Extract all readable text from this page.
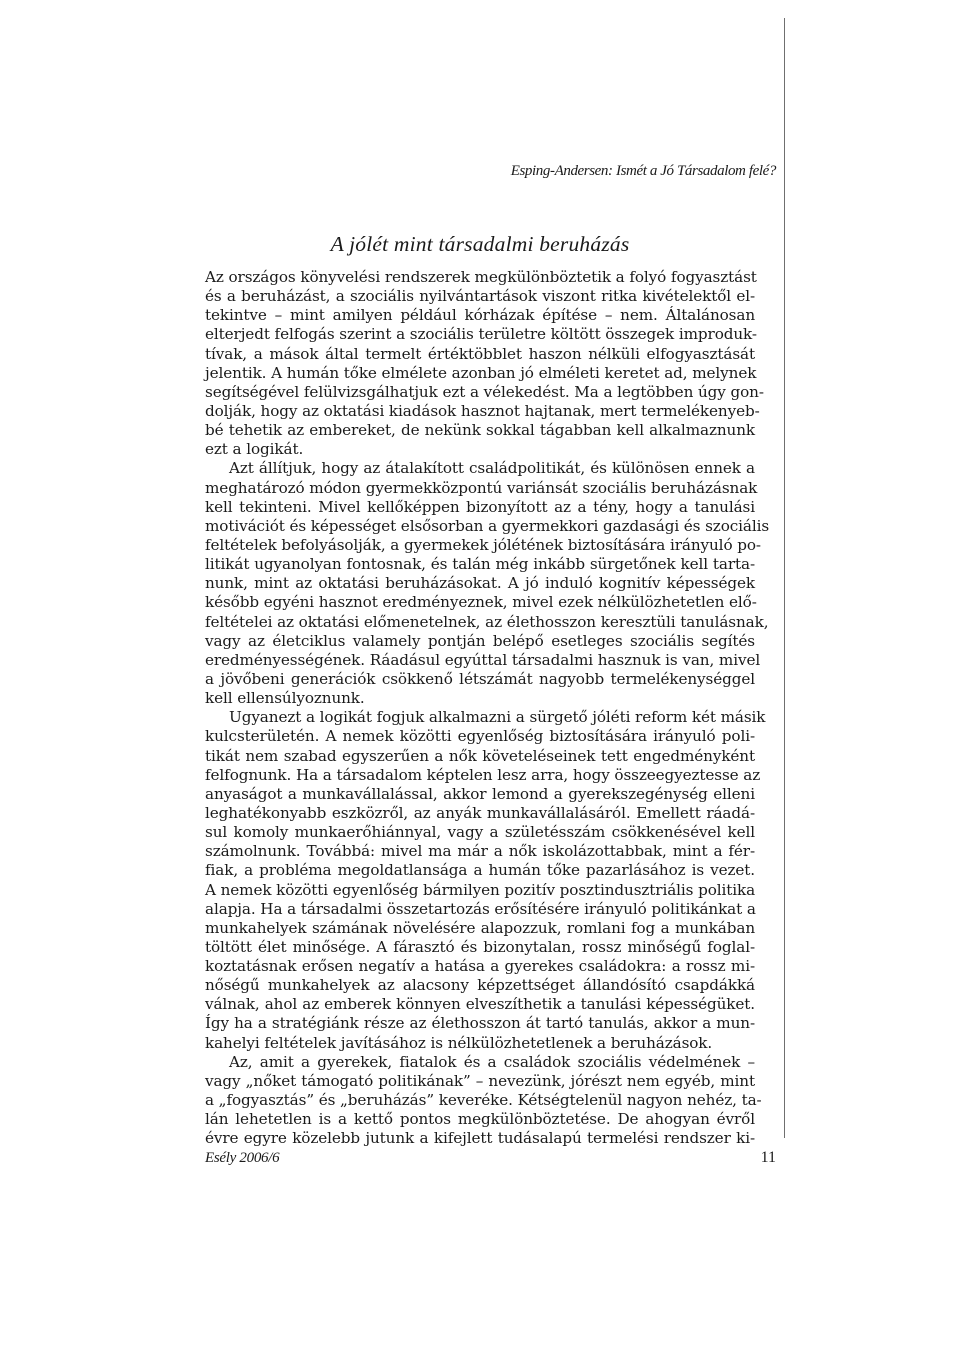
Esping-Andersen: Ismét a Jó Társadalom felé?
A jólét mint társadalmi beruházás
Az országos könyvelési rendszerek megkülönböztetik a folyó fogyasztást
és a beruházást, a szociális nyilvántartások viszont ritka kivételektől el-
tekintve – mint amilyen például kórházak építése – nem. Általánosan
elterjedt felfogás szerint a szociális területre költött összegek improduk-
tívak, a mások által termelt értéktöbblet haszon nélküli elfogyasztását
jelentik. A humán tőke elmélete azonban jó elméleti keretet ad, melynek
segítségével felülvizsgálhatjuk ezt a vélekedést. Ma a legtöbben úgy gon-
dolják, hogy az oktatási kiadások hasznot hajtanak, mert termelékenyeb-
bé tehetik az embereket, de nekünk sokkal tágabban kell alkalmaznunk
ezt a logikát.
Azt állítjuk, hogy az átalakított családpolitikát, és különösen ennek a
meghatározó módon gyermekközpontú variánsát szociális beruházásnak
kell tekinteni. Mivel kellőképpen bizonyított az a tény, hogy a tanulási
motivációt és képességet elsősorban a gyermekkori gazdasági és szociális
feltételek befolyásolják, a gyermekek jólétének biztosítására irányuló po-
litikát ugyanolyan fontosnak, és talán még inkább sürgetőnek kell tarta-
nunk, mint az oktatási beruházásokat. A jó induló kognitív képességek
később egyéni hasznot eredményeznek, mivel ezek nélkülözhetetlen elő-
feltételei az oktatási előmenetelnek, az élethosszon keresztüli tanulásnak,
vagy az életciklus valamely pontján belépő esetleges szociális segítés
eredményességének. Ráadásul egyúttal társadalmi hasznuk is van, mivel
a jövőbeni generációk csökkenő létszámát nagyobb termelékenységgel
kell ellensúlyoznunk.
Ugyanezt a logikát fogjuk alkalmazni a sürgető jóléti reform két másik
kulcsterületén. A nemek közötti egyenlőség biztosítására irányuló poli-
tikát nem szabad egyszerűen a nők követeléseinek tett engedményként
felfognunk. Ha a társadalom képtelen lesz arra, hogy összeegyeztesse az
anyaságot a munkavállalással, akkor lemond a gyerekszegénység elleni
leghatékonyabb eszközről, az anyák munkavállalásáról. Emellett ráadá-
sul komoly munkaerőhiánnyal, vagy a születésszám csökkenésével kell
számolnunk. Továbbá: mivel ma már a nők iskolázottabbak, mint a fér-
fiak, a probléma megoldatlansága a humán tőke pazarlásához is vezet.
A nemek közötti egyenlőség bármilyen pozitív posztindusztriális politika
alapja. Ha a társadalmi összetartozás erősítésére irányuló politikánkat a
munkahelyek számának növelésére alapozzuk, romlani fog a munkában
töltött élet minősége. A fárasztó és bizonytalan, rossz minőségű foglal-
koztatásnak erősen negatív a hatása a gyerekes családokra: a rossz mi-
nőségű munkahelyek az alacsony képzettséget állandósító csapdákká
válnak, ahol az emberek könnyen elveszíthetik a tanulási képességüket.
Így ha a stratégiánk része az élethosszon át tartó tanulás, akkor a mun-
kahelyi feltételek javításához is nélkülözhetetlenek a beruházások.
Az, amit a gyerekek, fiatalok és a családok szociális védelmének –
vagy „nőket támogató politikának” – nevezünk, jórészt nem egyéb, mint
a „fogyasztás” és „beruházás” keveréke. Kétségtelenül nagyon nehéz, ta-
lán lehetetlen is a kettő pontos megkülönböztetése. De ahogyan évről
évre egyre közelebb jutunk a kifejlett tudásalapú termelési rendszer ki-
Esély 2006/6	11
